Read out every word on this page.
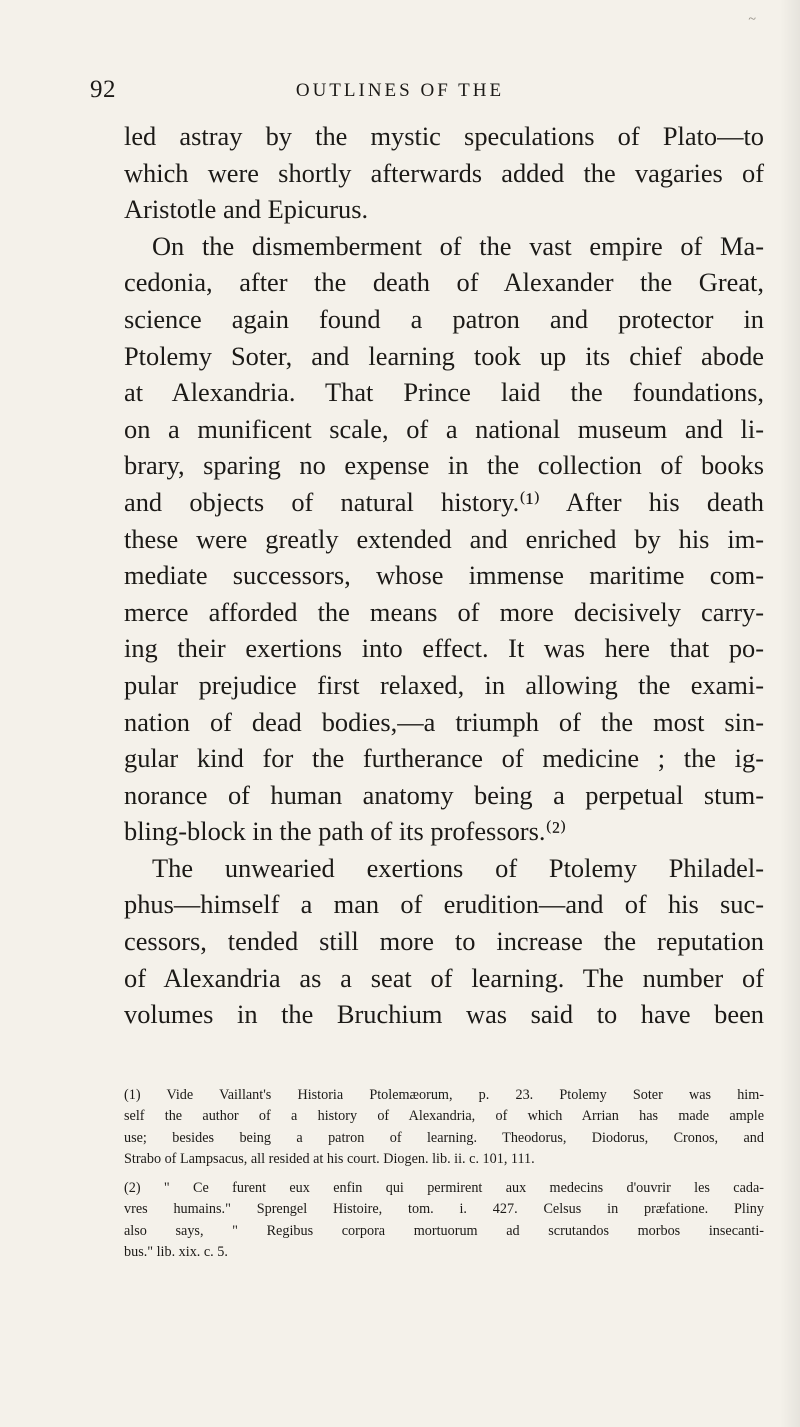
~
92	OUTLINES OF THE
led astray by the mystic speculations of Plato—to
which were shortly afterwards added the vagaries of
Aristotle and Epicurus.
On the dismemberment of the vast empire of Ma-
cedonia, after the death of Alexander the Great,
science again found a patron and protector in
Ptolemy Soter, and learning took up its chief abode
at Alexandria. That Prince laid the foundations,
on a munificent scale, of a national museum and li-
brary, sparing no expense in the collection of books
and objects of natural history.⁽¹⁾ After his death
these were greatly extended and enriched by his im-
mediate successors, whose immense maritime com-
merce afforded the means of more decisively carry-
ing their exertions into effect. It was here that po-
pular prejudice first relaxed, in allowing the exami-
nation of dead bodies,—a triumph of the most sin-
gular kind for the furtherance of medicine ; the ig-
norance of human anatomy being a perpetual stum-
bling-block in the path of its professors.⁽²⁾
The unwearied exertions of Ptolemy Philadel-
phus—himself a man of erudition—and of his suc-
cessors, tended still more to increase the reputation
of Alexandria as a seat of learning. The number of
volumes in the Bruchium was said to have been
(1) Vide Vaillant's Historia Ptolemæorum, p. 23. Ptolemy Soter was him-
self the author of a history of Alexandria, of which Arrian has made ample
use; besides being a patron of learning. Theodorus, Diodorus, Cronos, and
Strabo of Lampsacus, all resided at his court. Diogen. lib. ii. c. 101, 111.
(2) " Ce furent eux enfin qui permirent aux medecins d'ouvrir les cada-
vres humains." Sprengel Histoire, tom. i. 427. Celsus in præfatione. Pliny
also says, " Regibus corpora mortuorum ad scrutandos morbos insecanti-
bus." lib. xix. c. 5.
